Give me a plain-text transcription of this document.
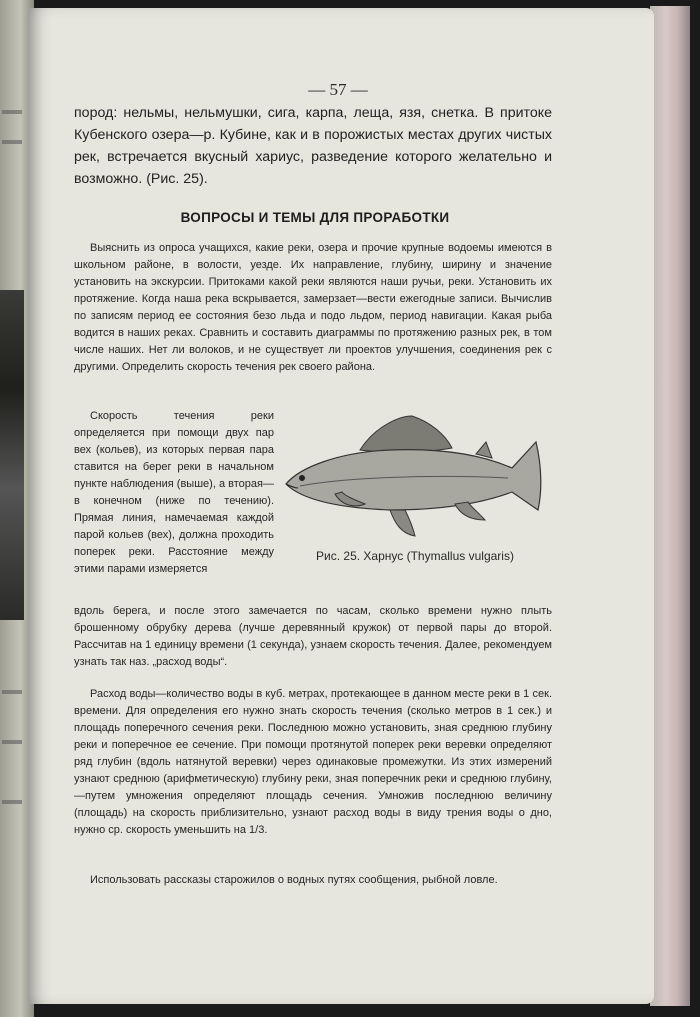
— 57 —
пород: нельмы, нельмушки, сига, карпа, леща, язя, снетка. В притоке Кубенского озера—р. Кубине, как и в порожистых местах других чистых рек, встречается вкусный хариус, разведение которого желательно и возможно. (Рис. 25).
ВОПРОСЫ И ТЕМЫ ДЛЯ ПРОРАБОТКИ
Выяснить из опроса учащихся, какие реки, озера и прочие крупные водоемы имеются в школьном районе, в волости, уезде. Их направление, глубину, ширину и значение установить на экскурсии. Притоками какой реки являются наши ручьи, реки. Установить их протяжение. Когда наша река вскрывается, замерзает—вести ежегодные записи. Вычислив по записям период ее состояния безо льда и подо льдом, период навигации. Какая рыба водится в наших реках. Сравнить и составить диаграммы по протяжению разных рек, в том числе наших. Нет ли волоков, и не существует ли проектов улучшения, соединения рек с другими. Определить скорость течения рек своего района.
Скорость течения реки определяется при помощи двух пар вех (кольев), из которых первая пара ставится на берег реки в начальном пункте наблюдения (выше), а вторая—в конечном (ниже по течению). Прямая линия, намечаемая каждой парой кольев (вех), должна проходить поперек реки. Расстояние между этими парами измеряется
Рис. 25. Харнус (Thymallus vulgaris)
вдоль берега, и после этого замечается по часам, сколько времени нужно плыть брошенному обрубку дерева (лучше деревянный кружок) от первой пары до второй. Рассчитав на 1 единицу времени (1 секунда), узнаем скорость течения. Далее, рекомендуем узнать так наз. „расход воды“.
Расход воды—количество воды в куб. метрах, протекающее в данном месте реки в 1 сек. времени. Для определения его нужно знать скорость течения (сколько метров в 1 сек.) и площадь поперечного сечения реки. Последнюю можно установить, зная среднюю глубину реки и поперечное ее сечение. При помощи протянутой поперек реки веревки определяют ряд глубин (вдоль натянутой веревки) через одинаковые промежутки. Из этих измерений узнают среднюю (арифметическую) глубину реки, зная поперечник реки и среднюю глубину,—путем умножения определяют площадь сечения. Умножив последнюю величину (площадь) на скорость приблизительно, узнают расход воды в виду трения воды о дно, нужно ср. скорость уменьшить на 1/3.
Использовать рассказы старожилов о водных путях сообщения, рыбной ловле.
